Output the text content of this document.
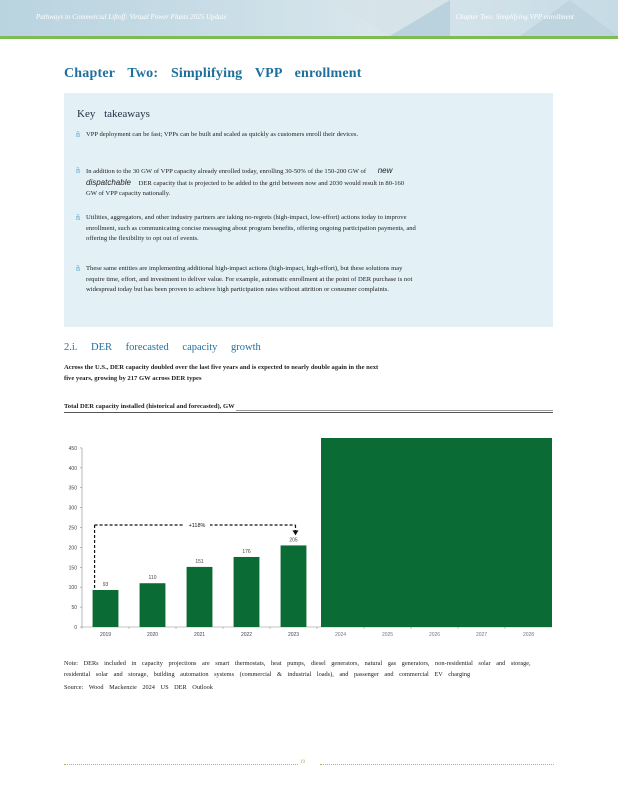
Pathways to Commercial Liftoff: Virtual Power Plants 2025 Update	Chapter Two: Simplifying VPP enrollment
Chapter Two: Simplifying VPP enrollment
Key takeaways
ñ VPP deployment can be fast; VPPs can be built and scaled as quickly as customers enroll their devices.
ñ In addition to the 30 GW of VPP capacity already enrolled today, enrolling 30-50% of the 150-200 GW of new dispatchable DER capacity that is projected to be added to the grid between now and 2030 would result in 80-160 GW of VPP capacity nationally.
ñ Utilities, aggregators, and other industry partners are taking no-regrets (high-impact, low-effort) actions today to improve enrollment, such as communicating concise messaging about program benefits, offering ongoing participation payments, and offering the flexibility to opt out of events.
ñ These same entities are implementing additional high-impact actions (high-impact, high-effort), but these solutions may require time, effort, and investment to deliver value. For example, automatic enrollment at the point of DER purchase is not widespread today but has been proven to achieve high participation rates without attrition or consumer complaints.
2.i. DER forecasted capacity growth
Across the U.S., DER capacity doubled over the last five years and is expected to nearly double again in the next five years, growing by 217 GW across DER types
Total DER capacity installed (historical and forecasted), GW
0
50
100
150
200
250
300
350
400
450
93
110
151
176
205
2019	2020	2021	2022	2023	2024	2025	2026	2027	2028
+118%
Note: DERs included in capacity projections are smart thermostats, heat pumps, diesel generators, natural gas generators, non-residential solar and storage, residential solar and storage, building automation systems (commercial & industrial loads), and passenger and commercial EV charging
Source: Wood Mackenzie 2024 US DER Outlook
19
